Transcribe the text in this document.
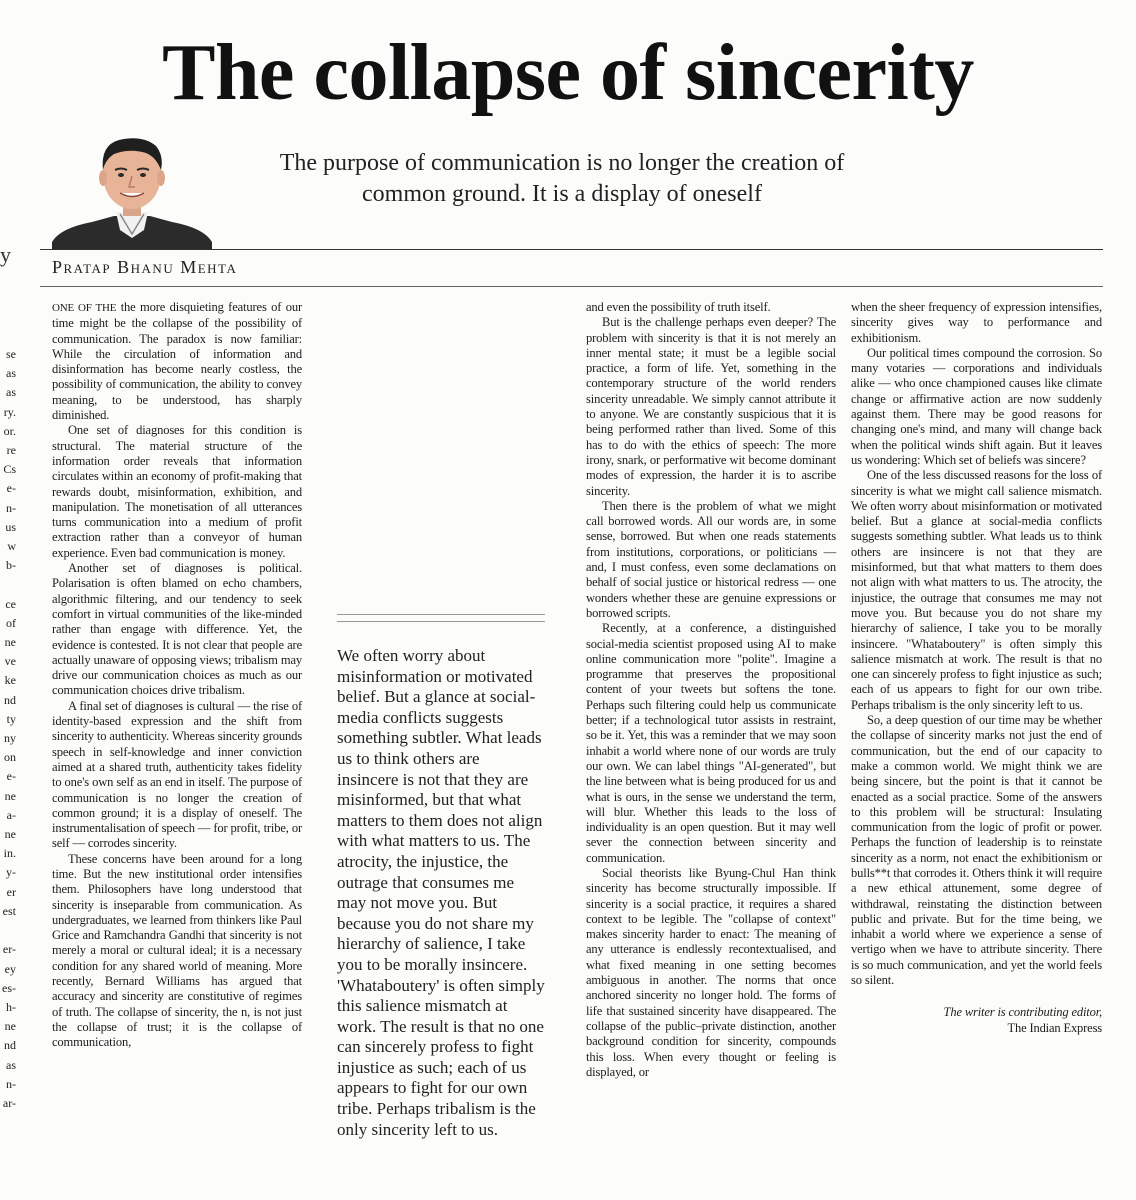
The collapse of sincerity

The purpose of communication is no longer the creation of common ground. It is a display of oneself

y Pratap Bhanu Mehta

se
as
as
ry.
or.
re
Cs
e-
n-
us
w
b-

ce
of
ne
ve
ke
nd
ty
ny
on
e-
ne
a-
ne
in.
y-
er
est

er-
ey
es-
h-
ne
nd
as
n-
ar-

ONE OF THE the more disquieting features of our time might be the collapse of the possibility of communication. The paradox is now familiar: While the circulation of information and disinformation has become nearly costless, the possibility of communication, the ability to convey meaning, to be understood, has sharply diminished.

One set of diagnoses for this condition is structural. The material structure of the information order reveals that information circulates within an economy of profit-making that rewards doubt, misinformation, exhibition, and manipulation. The monetisation of all utterances turns communication into a medium of profit extraction rather than a conveyor of human experience. Even bad communication is money.

Another set of diagnoses is political. Polarisation is often blamed on echo chambers, algorithmic filtering, and our tendency to seek comfort in virtual communities of the like-minded rather than engage with difference. Yet, the evidence is contested. It is not clear that people are actually unaware of opposing views; tribalism may drive our communication choices as much as our communication choices drive tribalism.

A final set of diagnoses is cultural — the rise of identity-based expression and the shift from sincerity to authenticity. Whereas sincerity grounds speech in self-knowledge and inner conviction aimed at a shared truth, authenticity takes fidelity to one's own self as an end in itself. The purpose of communication is no longer the creation of common ground; it is a display of oneself. The instrumentalisation of speech — for profit, tribe, or self — corrodes sincerity.

These concerns have been around for a long time. But the new institutional order intensifies them. Philosophers have long understood that sincerity is inseparable from communication. As undergraduates, we learned from thinkers like Paul Grice and Ramchandra Gandhi that sincerity is not merely a moral or cultural ideal; it is a necessary condition for any shared world of meaning. More recently, Bernard Williams has argued that accuracy and sincerity are constitutive of regimes of truth. The collapse of sincerity, the n, is not just the collapse of trust; it is the collapse of communication,

We often worry about misinformation or motivated belief. But a glance at social-media conflicts suggests something subtler. What leads us to think others are insincere is not that they are misinformed, but that what matters to them does not align with what matters to us. The atrocity, the injustice, the outrage that consumes me may not move you. But because you do not share my hierarchy of salience, I take you to be morally insincere. 'Whataboutery' is often simply this salience mismatch at work. The result is that no one can sincerely profess to fight injustice as such; each of us appears to fight for our own tribe. Perhaps tribalism is the only sincerity left to us.

and even the possibility of truth itself.

But is the challenge perhaps even deeper? The problem with sincerity is that it is not merely an inner mental state; it must be a legible social practice, a form of life. Yet, something in the contemporary structure of the world renders sincerity unreadable. We simply cannot attribute it to anyone. We are constantly suspicious that it is being performed rather than lived. Some of this has to do with the ethics of speech: The more irony, snark, or performative wit become dominant modes of expression, the harder it is to ascribe sincerity.

Then there is the problem of what we might call borrowed words. All our words are, in some sense, borrowed. But when one reads statements from institutions, corporations, or politicians — and, I must confess, even some declamations on behalf of social justice or historical redress — one wonders whether these are genuine expressions or borrowed scripts.

Recently, at a conference, a distinguished social-media scientist proposed using AI to make online communication more "polite". Imagine a programme that preserves the propositional content of your tweets but softens the tone. Perhaps such filtering could help us communicate better; if a technological tutor assists in restraint, so be it. Yet, this was a reminder that we may soon inhabit a world where none of our words are truly our own. We can label things "AI-generated", but the line between what is being produced for us and what is ours, in the sense we understand the term, will blur. Whether this leads to the loss of individuality is an open question. But it may well sever the connection between sincerity and communication.

Social theorists like Byung-Chul Han think sincerity has become structurally impossible. If sincerity is a social practice, it requires a shared context to be legible. The "collapse of context" makes sincerity harder to enact: The meaning of any utterance is endlessly recontextualised, and what fixed meaning in one setting becomes ambiguous in another. The norms that once anchored sincerity no longer hold. The forms of life that sustained sincerity have disappeared. The collapse of the public–private distinction, another background condition for sincerity, compounds this loss. When every thought or feeling is displayed, or

when the sheer frequency of expression intensifies, sincerity gives way to performance and exhibitionism.

Our political times compound the corrosion. So many votaries — corporations and individuals alike — who once championed causes like climate change or affirmative action are now suddenly against them. There may be good reasons for changing one's mind, and many will change back when the political winds shift again. But it leaves us wondering: Which set of beliefs was sincere?

One of the less discussed reasons for the loss of sincerity is what we might call salience mismatch. We often worry about misinformation or motivated belief. But a glance at social-media conflicts suggests something subtler. What leads us to think others are insincere is not that they are misinformed, but that what matters to them does not align with what matters to us. The atrocity, the injustice, the outrage that consumes me may not move you. But because you do not share my hierarchy of salience, I take you to be morally insincere. "Whataboutery" is often simply this salience mismatch at work. The result is that no one can sincerely profess to fight injustice as such; each of us appears to fight for our own tribe. Perhaps tribalism is the only sincerity left to us.

So, a deep question of our time may be whether the collapse of sincerity marks not just the end of communication, but the end of our capacity to make a common world. We might think we are being sincere, but the point is that it cannot be enacted as a social practice. Some of the answers to this problem will be structural: Insulating communication from the logic of profit or power. Perhaps the function of leadership is to reinstate sincerity as a norm, not enact the exhibitionism or bulls**t that corrodes it. Others think it will require a new ethical attunement, some degree of withdrawal, reinstating the distinction between public and private. But for the time being, we inhabit a world where we experience a sense of vertigo when we have to attribute sincerity. There is so much communication, and yet the world feels so silent.

The writer is contributing editor,
The Indian Express
